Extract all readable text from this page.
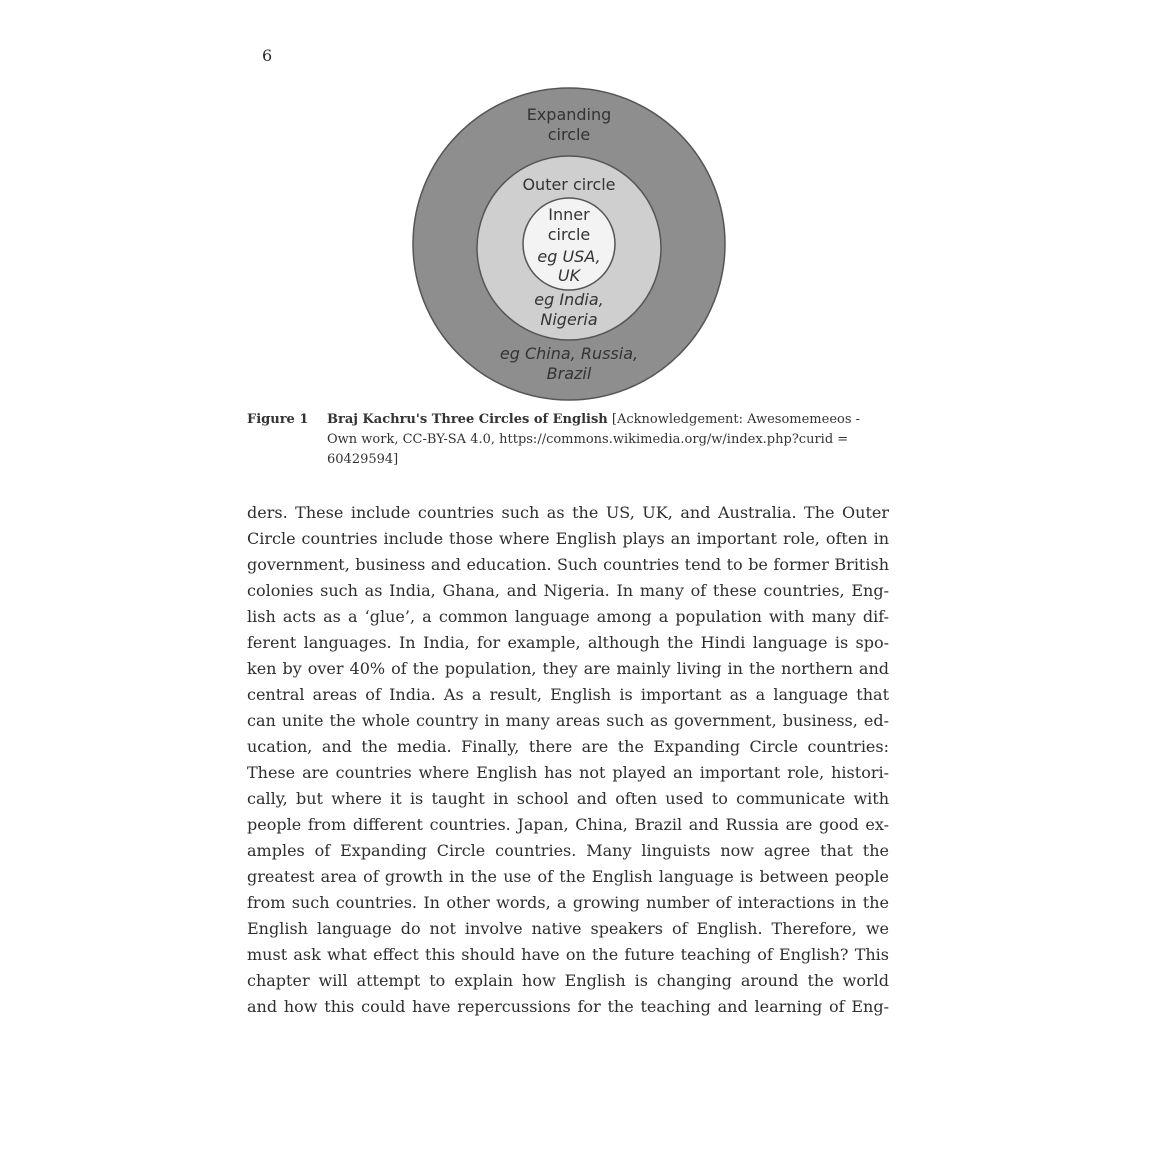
6
Expanding
circle
Outer circle
Inner
circle
eg USA,
UK
eg India,
Nigeria
eg China, Russia,
Brazil
Figure 1 Braj Kachru's Three Circles of English [Acknowledgement: Awesomemeeos - Own work, CC-BY-SA 4.0, https://commons.wikimedia.org/w/index.php?curid = 60429594]
ders. These include countries such as the US, UK, and Australia. The Outer
Circle countries include those where English plays an important role, often in
government, business and education. Such countries tend to be former British
colonies such as India, Ghana, and Nigeria. In many of these countries, Eng-
lish acts as a ‘glue’, a common language among a population with many dif-
ferent languages. In India, for example, although the Hindi language is spo-
ken by over 40% of the population, they are mainly living in the northern and
central areas of India. As a result, English is important as a language that
can unite the whole country in many areas such as government, business, ed-
ucation, and the media. Finally, there are the Expanding Circle countries:
These are countries where English has not played an important role, histori-
cally, but where it is taught in school and often used to communicate with
people from different countries. Japan, China, Brazil and Russia are good ex-
amples of Expanding Circle countries. Many linguists now agree that the
greatest area of growth in the use of the English language is between people
from such countries. In other words, a growing number of interactions in the
English language do not involve native speakers of English. Therefore, we
must ask what effect this should have on the future teaching of English? This
chapter will attempt to explain how English is changing around the world
and how this could have repercussions for the teaching and learning of Eng-
